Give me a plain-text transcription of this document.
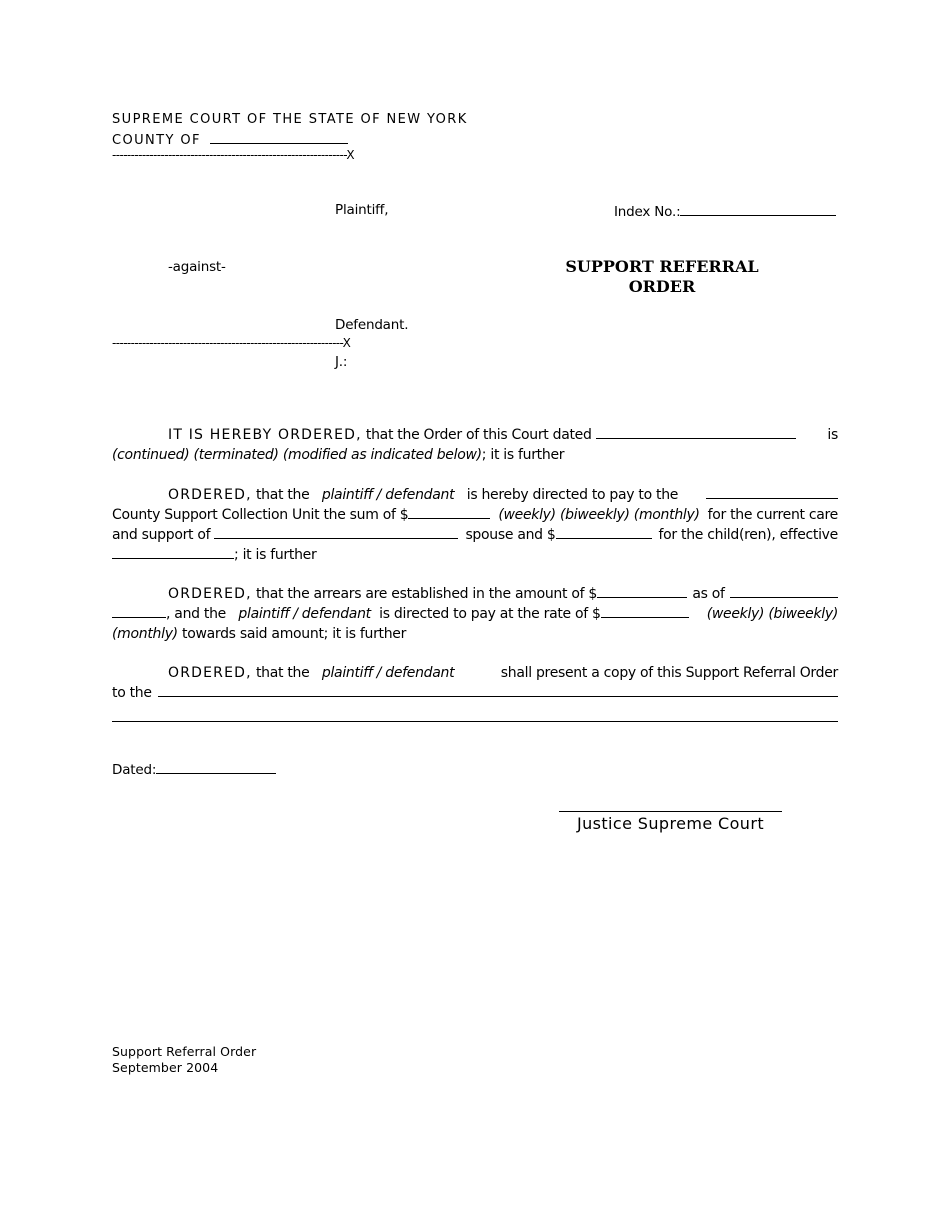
SUPREME COURT OF THE STATE OF NEW YORK
COUNTY OF
---------------------------------------------------------------X
Plaintiff,	Index No.:
-against-	SUPPORT REFERRAL
ORDER
Defendant.
--------------------------------------------------------------X
J.:
IT IS HEREBY ORDERED, that the Order of this Court dated	is
(continued) (terminated) (modified as indicated below); it is further
ORDERED, that the plaintiff / defendant is hereby directed to pay to the
County Support Collection Unit the sum of $	(weekly) (biweekly) (monthly) for the current care
and support of	spouse and $	for the child(ren), effective
; it is further
ORDERED, that the arrears are established in the amount of $	as of
, and the plaintiff / defendant is directed to pay at the rate of $	(weekly) (biweekly)
(monthly) towards said amount; it is further
ORDERED, that the plaintiff / defendant	shall present a copy of this Support Referral Order
to the
Dated:
Justice Supreme Court
Support Referral Order
September 2004
